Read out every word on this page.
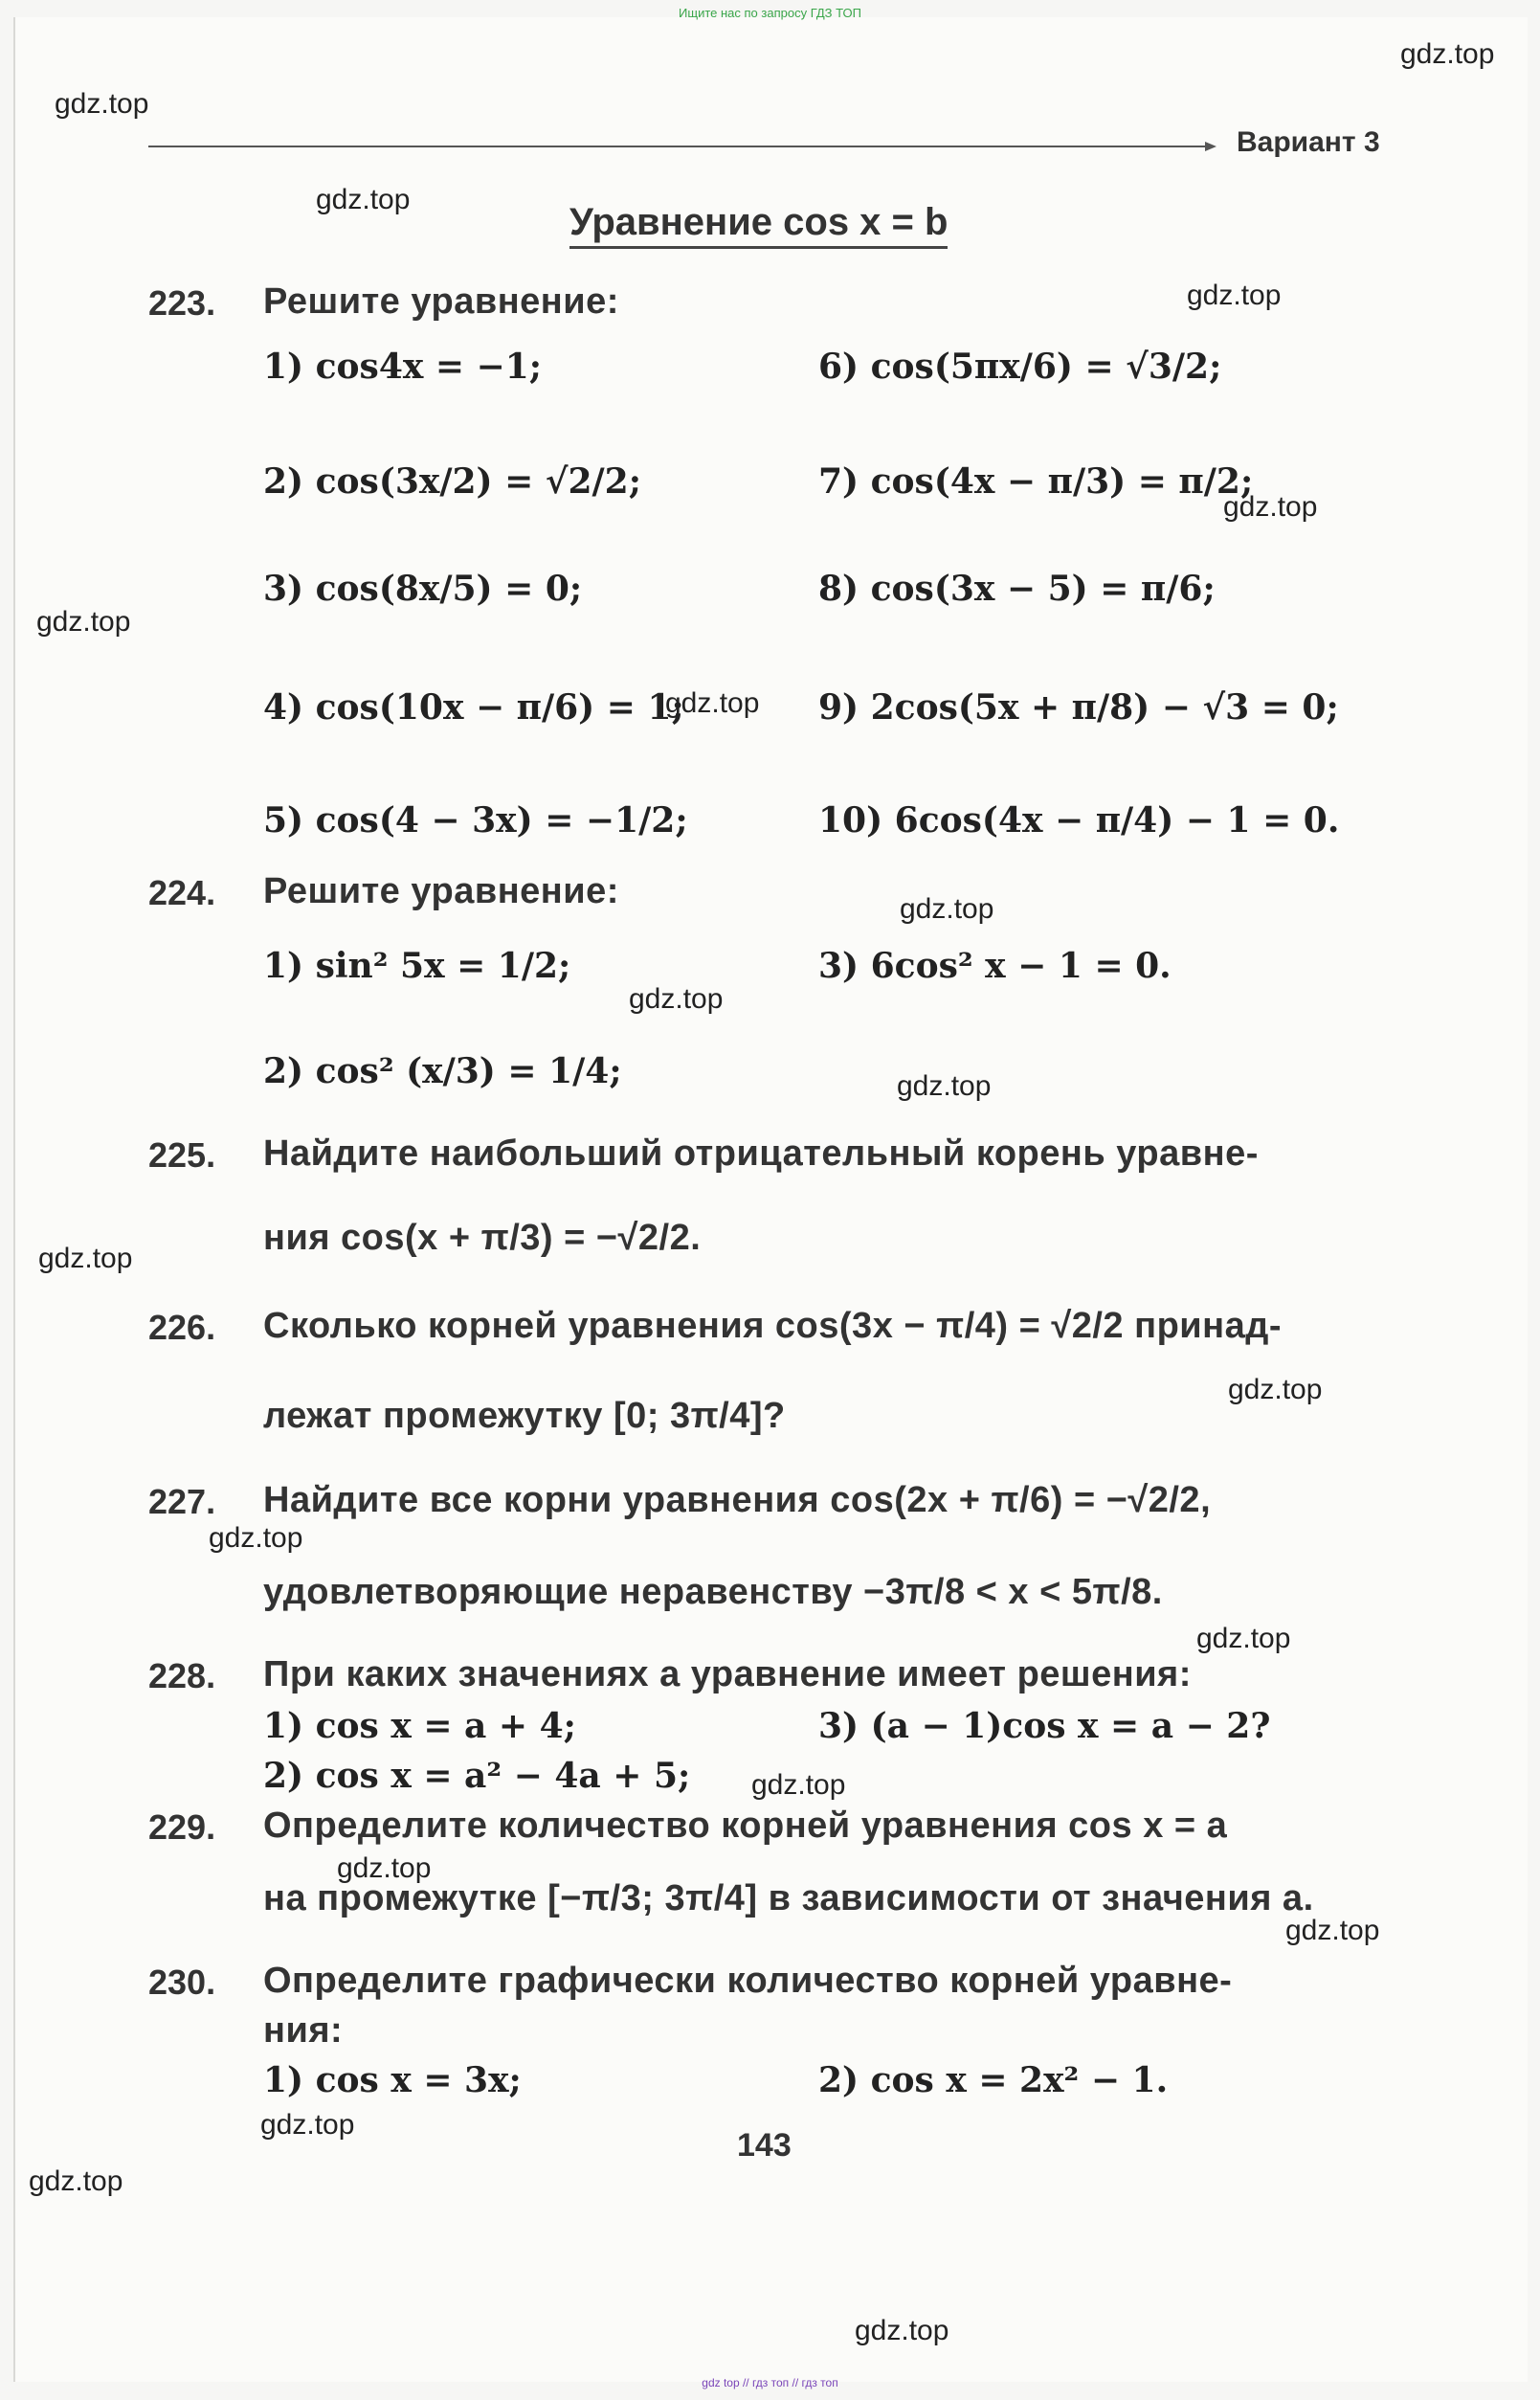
Ищите нас по запросу ГДЗ ТОП
gdz.top
gdz.top
gdz.top
gdz.top
gdz.top
gdz.top
gdz.top
gdz.top
gdz.top
gdz.top
gdz.top
gdz.top
gdz.top
gdz.top
gdz.top
gdz.top
gdz.top
gdz.top
gdz.top
gdz.top
Вариант 3
Уравнение cos x = b
223. Решите уравнение:
1) cos4x = −1;	6) cos(5πx/6) = √3/2;
2) cos(3x/2) = √2/2;	7) cos(4x − π/3) = π/2;
3) cos(8x/5) = 0;	8) cos(3x − 5) = π/6;
4) cos(10x − π/6) = 1;	9) 2cos(5x + π/8) − √3 = 0;
5) cos(4 − 3x) = −1/2;	10) 6cos(4x − π/4) − 1 = 0.
224. Решите уравнение:
1) sin² 5x = 1/2;	3) 6cos² x − 1 = 0.
2) cos² (x/3) = 1/4;
225. Найдите наибольший отрицательный корень уравне-
ния cos(x + π/3) = −√2/2.
226. Сколько корней уравнения cos(3x − π/4) = √2/2 принад-
лежат промежутку [0; 3π/4]?
227. Найдите все корни уравнения cos(2x + π/6) = −√2/2,
удовлетворяющие неравенству −3π/8 < x < 5π/8.
228. При каких значениях a уравнение имеет решения:
1) cos x = a + 4;	3) (a − 1)cos x = a − 2?
2) cos x = a² − 4a + 5;
229. Определите количество корней уравнения cos x = a
на промежутке [−π/3; 3π/4] в зависимости от значения a.
230. Определите графически количество корней уравне-
ния:
1) cos x = 3x;	2) cos x = 2x² − 1.
143
gdz top // гдз топ // гдз топ
